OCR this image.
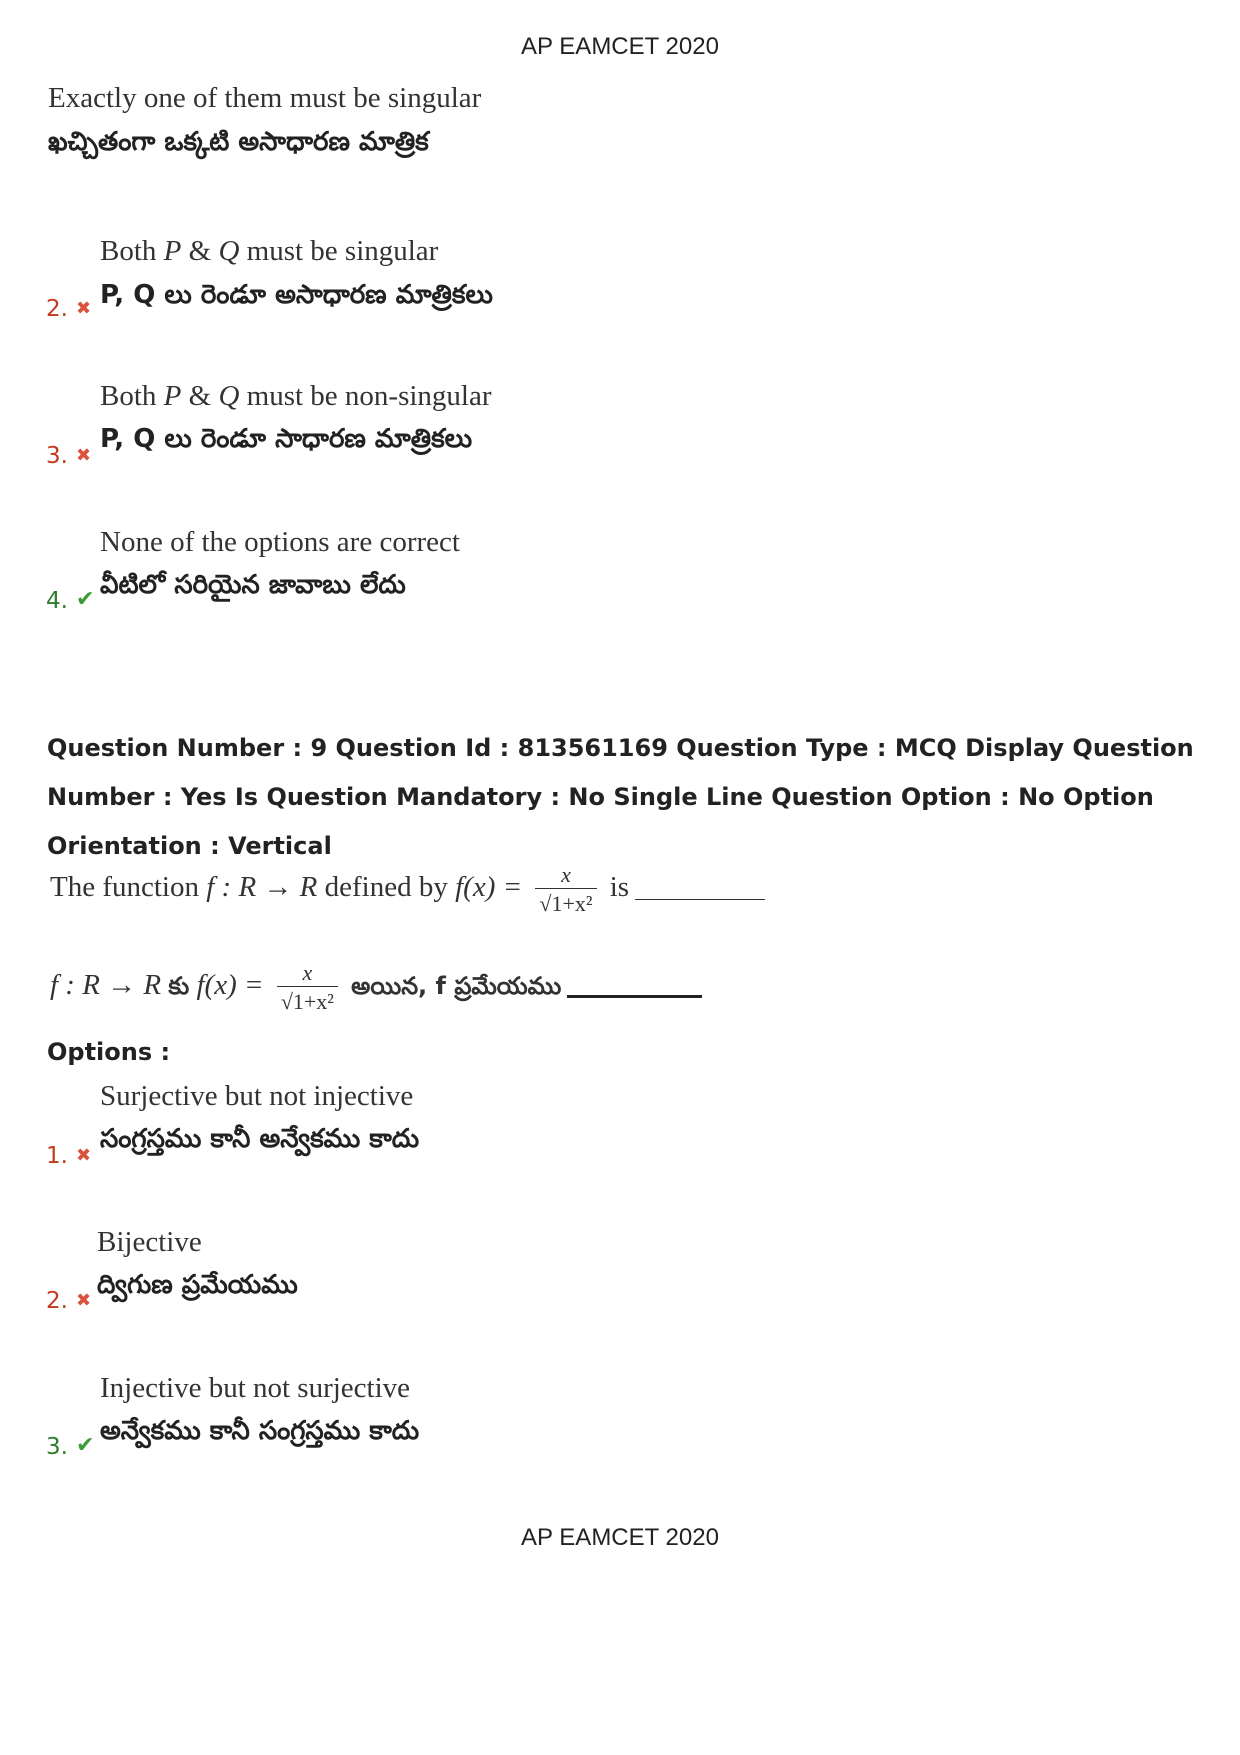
AP EAMCET 2020
Exactly one of them must be singular
ఖచ్చితంగా ఒక్కటి అసాధారణ మాత్రిక
Both P & Q must be singular
2. ✖ P, Q లు రెండూ అసాధారణ మాత్రికలు
Both P & Q must be non-singular
3. ✖
P, Q లు రెండూ సాధారణ మాత్రికలు
None of the options are correct
4. ✔ వీటిలో సరియైన జావాబు లేదు
Question Number : 9 Question Id : 813561169 Question Type : MCQ Display Question Number : Yes Is Question Mandatory : No Single Line Question Option : No Option Orientation : Vertical
The function f : R → R defined by $f(x) = \frac{x}{\text{√1+x²}}$ is
f : R → R కు $f(x) = \frac{x}{\text{√1+x²}}$ అయిన, f ప్రమేయము
Options :
Surjective but not injective
1. ✖
సంగ్రస్తము కానీ అన్వేకము కాదు
Bijective
2. ✖
ద్విగుణ ప్రమేయము
Injective but not surjective
3. ✔ అన్వేకము కానీ సంగ్రస్తము కాదు
AP EAMCET 2020
